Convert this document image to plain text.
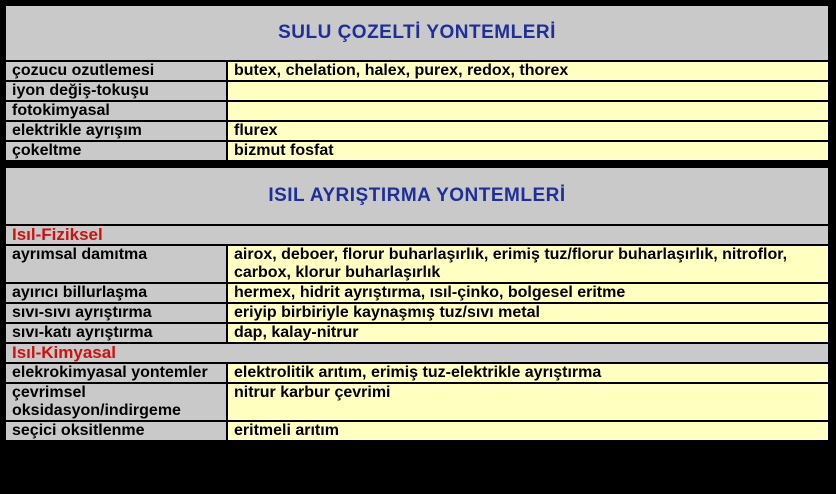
SULU ÇOZELTİ YONTEMLERİ	
çozucu ozutlemesi	butex, chelation, halex, purex, redox, thorex
iyon değiş-tokuşu	
fotokimyasal	
elektrikle ayrışım	flurex
çokeltme	bizmut fosfat

ISIL AYRIŞTIRMA YONTEMLERİ	
Isıl-Fiziksel	
ayrımsal damıtma	airox, deboer, florur buharlaşırlık, erimiş tuz/florur buharlaşırlık, nitroflor, carbox, klorur buharlaşırlık
ayırıcı billurlaşma	hermex, hidrit ayrıştırma, ısıl-çinko, bolgesel eritme
sıvı-sıvı ayrıştırma	eriyip birbiriyle kaynaşmış tuz/sıvı metal
sıvı-katı ayrıştırma	dap, kalay-nitrur
Isıl-Kimyasal	
elekrokimyasal yontemler	elektrolitik arıtım, erimiş tuz-elektrikle ayrıştırma
çevrimsel oksidasyon/indirgeme	nitrur karbur çevrimi
seçici oksitlenme	eritmeli arıtım
